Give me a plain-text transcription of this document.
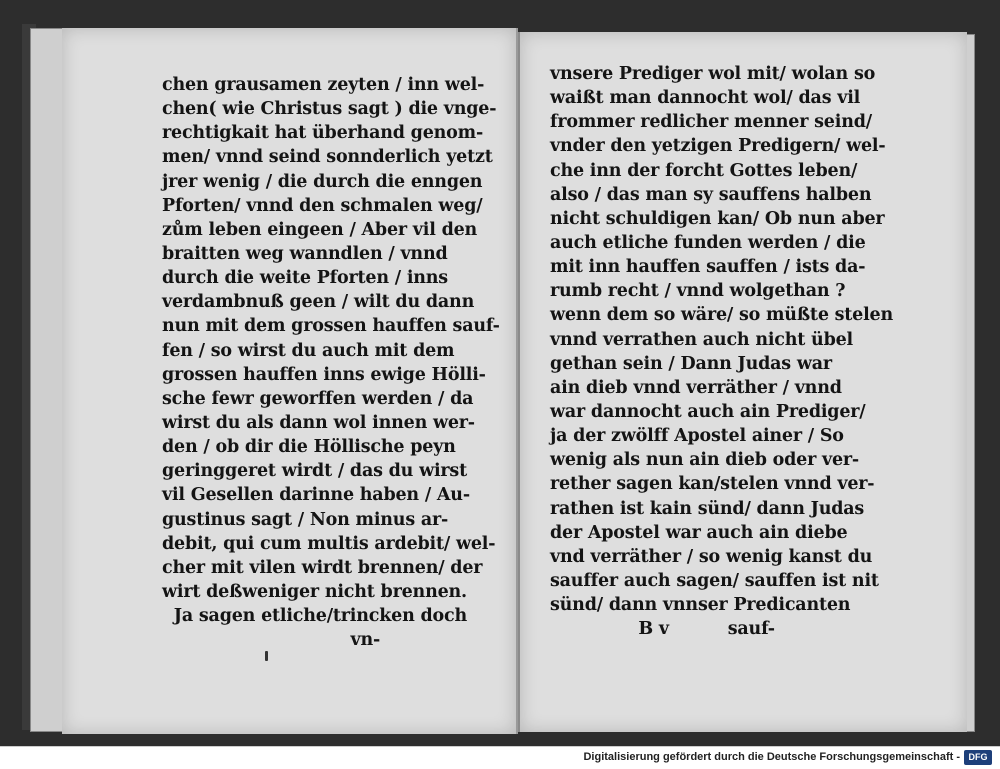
chen grausamen zeyten / inn wel-
chen( wie Christus sagt ) die vnge-
rechtigkait hat überhand genom-
men/ vnnd seind sonnderlich yetzt
jrer wenig / die durch die enngen
Pforten/ vnnd den schmalen weg/
zům leben eingeen / Aber vil den
braitten weg wanndlen / vnnd
durch die weite Pforten / inns
verdambnuß geen / wilt du dann
nun mit dem grossen hauffen sauf-
fen / so wirst du auch mit dem
grossen hauffen inns ewige Hölli-
sche fewr geworffen werden / da
wirst du als dann wol innen wer-
den / ob dir die Höllische peyn
geringgeret wirdt / das du wirst
vil Gesellen darinne haben / Au-
gustinus sagt / Non minus ar-
debit, qui cum multis ardebit/ wel-
cher mit vilen wirdt brennen/ der
wirt deßweniger nicht brennen.
Ja sagen etliche/trincken doch
vn-
vnsere Prediger wol mit/ wolan so
waißt man dannocht wol/ das vil
frommer redlicher menner seind/
vnder den yetzigen Predigern/ wel-
che inn der forcht Gottes leben/
also / das man sy sauffens halben
nicht schuldigen kan/ Ob nun aber
auch etliche funden werden / die
mit inn hauffen sauffen / ists da-
rumb recht / vnnd wolgethan ?
wenn dem so wäre/ so müßte stelen
vnnd verrathen auch nicht übel
gethan sein / Dann Judas war
ain dieb vnnd verräther / vnnd
war dannocht auch ain Prediger/
ja der zwölff Apostel ainer / So
wenig als nun ain dieb oder ver-
rether sagen kan/stelen vnnd ver-
rathen ist kain sünd/ dann Judas
der Apostel war auch ain diebe
vnd verräther / so wenig kanst du
sauffer auch sagen/ sauffen ist nit
sünd/ dann vnnser Predicanten
B v          sauf-
Digitalisierung gefördert durch die Deutsche Forschungsgemeinschaft - DFG
